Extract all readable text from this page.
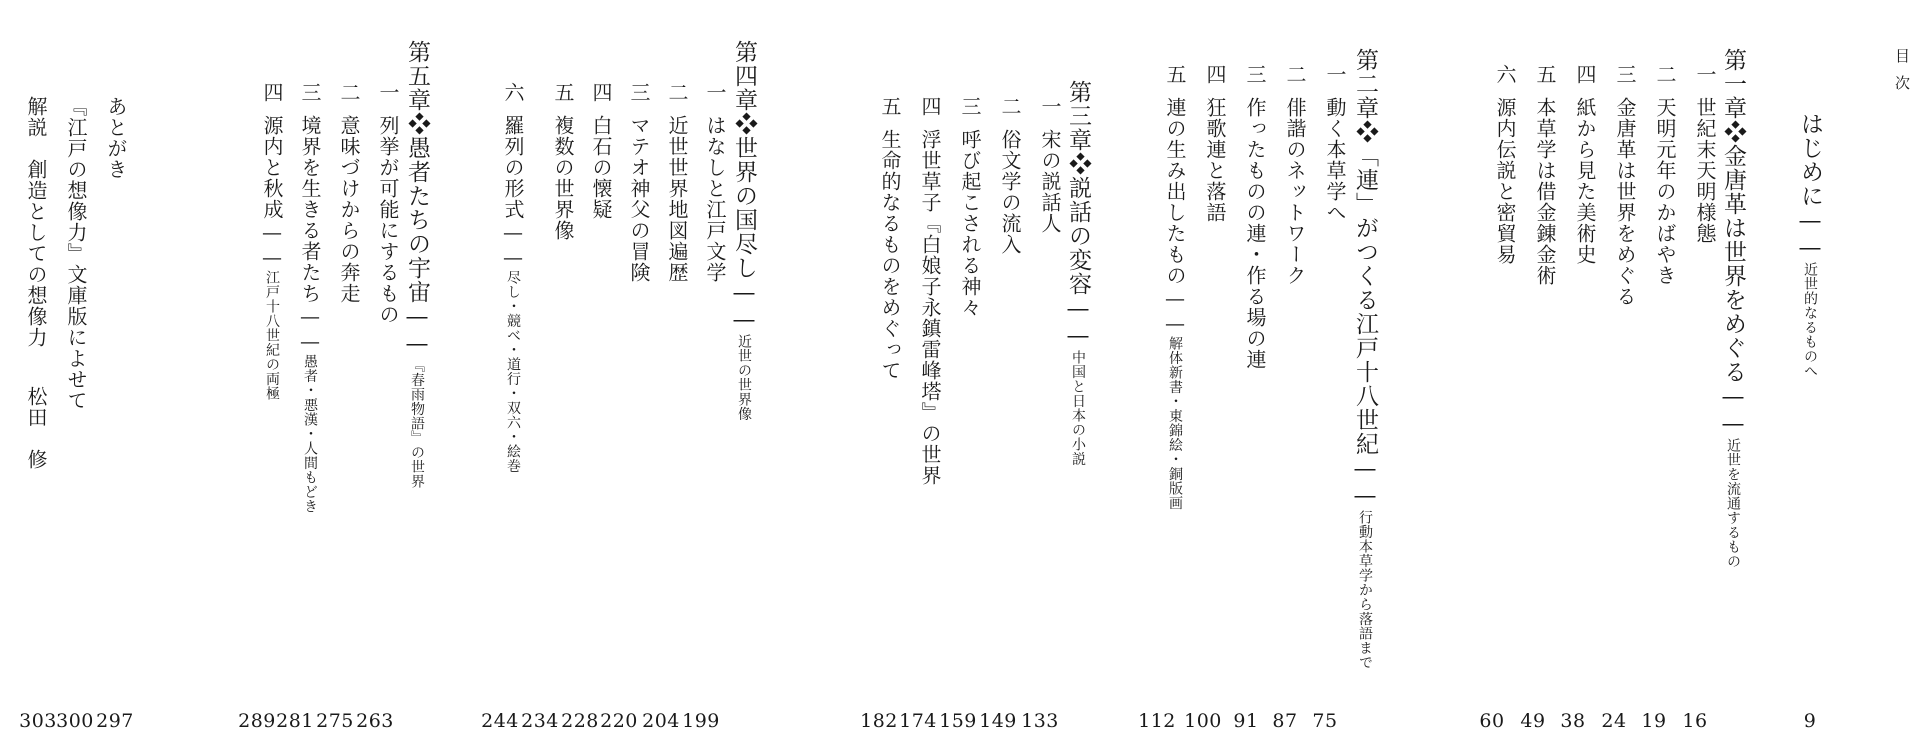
目次
はじめに——近世的なるものへ
9
第一章❖金唐革は世界をめぐる——近世を流通するもの
一世紀末天明様態
二天明元年のかばやき
三金唐革は世界をめぐる
四紙から見た美術史
五本草学は借金錬金術
六源内伝説と密貿易
16
19
24
38
49
60
第二章❖「連」がつくる江戸十八世紀——行動本草学から落語まで
一動く本草学へ
二俳諧のネットワーク
三作ったものの連・作る場の連
四狂歌連と落語
五連の生み出したもの——解体新書・東錦絵・銅版画
75
87
91
100
112
第三章❖説話の変容——中国と日本の小説
一宋の説話人
二俗文学の流入
三呼び起こされる神々
四浮世草子『白娘子永鎮雷峰塔』の世界
五生命的なるものをめぐって
133
149
159
174
182
第四章❖世界の国尽し——近世の世界像
一はなしと江戸文学
二近世世界地図遍歴
三マテオ神父の冒険
四白石の懐疑
五複数の世界像
六羅列の形式——尽し・競べ・道行・双六・絵巻
199
204
220
228
234
244
第五章❖愚者たちの宇宙——『春雨物語』の世界
一列挙が可能にするもの
二意味づけからの奔走
三境界を生きる者たち——愚者・悪漢・人間もどき
四源内と秋成——江戸十八世紀の両極
263
275
281
289
あとがき
『江戸の想像力』文庫版によせて
解説　創造としての想像力松田　修
297
300
303
